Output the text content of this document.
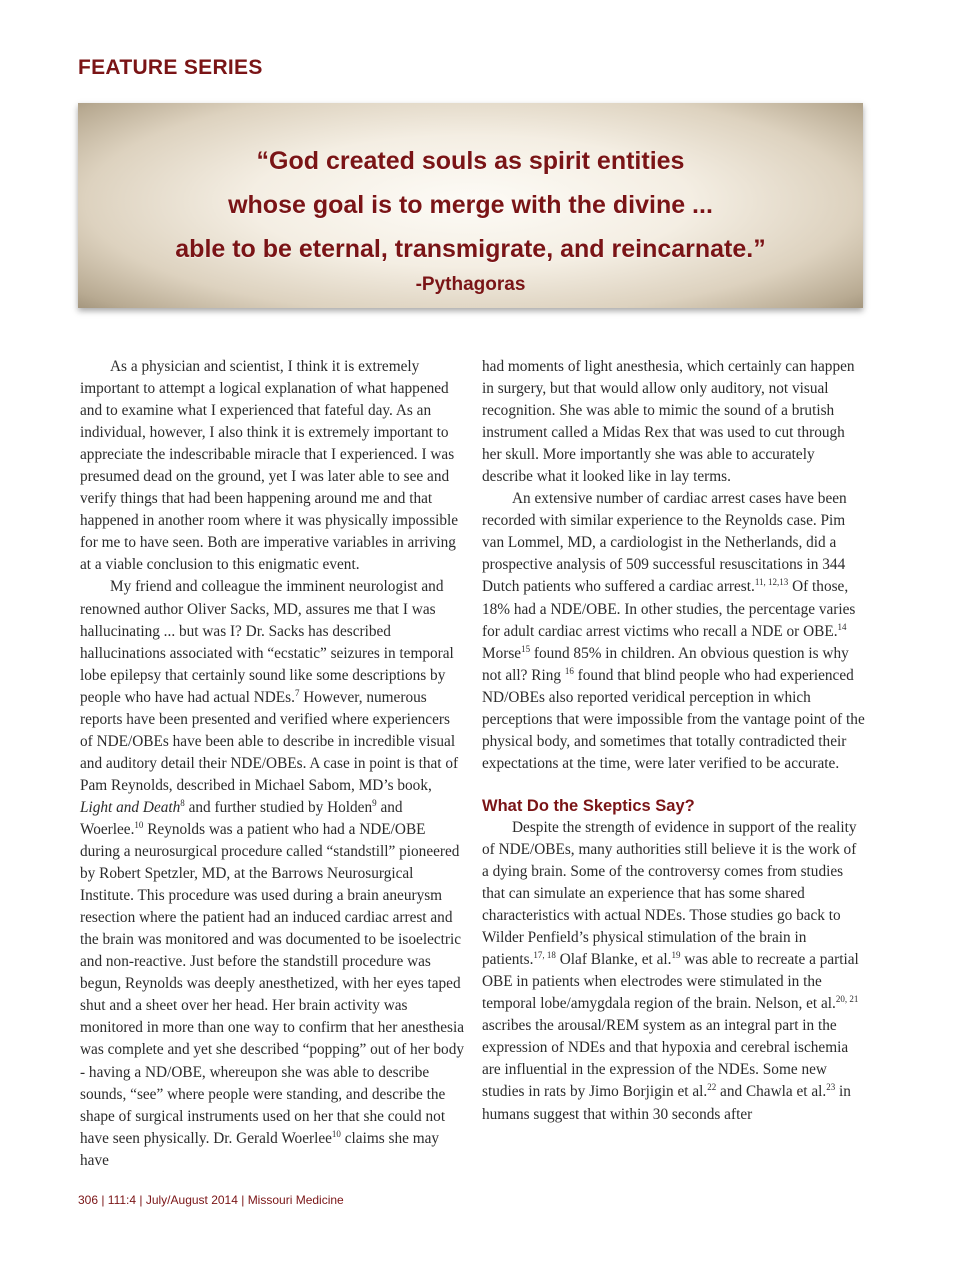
FEATURE SERIES
“God created souls as spirit entities
whose goal is to merge with the divine ...
able to be eternal, transmigrate, and reincarnate.”
-Pythagoras

As a physician and scientist, I think it is extremely important to attempt a logical explanation of what happened and to examine what I experienced that fateful day. As an individual, however, I also think it is extremely important to appreciate the indescribable miracle that I experienced. I was presumed dead on the ground, yet I was later able to see and verify things that had been happening around me and that happened in another room where it was physically impossible for me to have seen. Both are imperative variables in arriving at a viable conclusion to this enigmatic event.

My friend and colleague the imminent neurologist and renowned author Oliver Sacks, MD, assures me that I was hallucinating ... but was I? Dr. Sacks has described hallucinations associated with “ecstatic” seizures in temporal lobe epilepsy that certainly sound like some descriptions by people who have had actual NDEs.$^7$ However, numerous reports have been presented and verified where experiencers of NDE/OBEs have been able to describe in incredible visual and auditory detail their NDE/OBEs. A case in point is that of Pam Reynolds, described in Michael Sabom, MD’s book, Light and Death$^8$ and further studied by Holden$^9$ and Woerlee.$^{10}$ Reynolds was a patient who had a NDE/OBE during a neurosurgical procedure called “standstill” pioneered by Robert Spetzler, MD, at the Barrows Neurosurgical Institute. This procedure was used during a brain aneurysm resection where the patient had an induced cardiac arrest and the brain was monitored and was documented to be isoelectric and non-reactive. Just before the standstill procedure was begun, Reynolds was deeply anesthetized, with her eyes taped shut and a sheet over her head. Her brain activity was monitored in more than one way to confirm that her anesthesia was complete and yet she described “popping” out of her body - having a ND/OBE, whereupon she was able to describe sounds, “see” where people were standing, and describe the shape of surgical instruments used on her that she could not have seen physically. Dr. Gerald Woerlee$^{10}$ claims she may have

had moments of light anesthesia, which certainly can happen in surgery, but that would allow only auditory, not visual recognition. She was able to mimic the sound of a brutish instrument called a Midas Rex that was used to cut through her skull. More importantly she was able to accurately describe what it looked like in lay terms.

An extensive number of cardiac arrest cases have been recorded with similar experience to the Reynolds case. Pim van Lommel, MD, a cardiologist in the Netherlands, did a prospective analysis of 509 successful resuscitations in 344 Dutch patients who suffered a cardiac arrest.$^{11, 12,13}$ Of those, 18% had a NDE/OBE. In other studies, the percentage varies for adult cardiac arrest victims who recall a NDE or OBE.$^{14}$ Morse$^{15}$ found 85% in children. An obvious question is why not all? Ring $^{16}$ found that blind people who had experienced ND/OBEs also reported veridical perception in which perceptions that were impossible from the vantage point of the physical body, and sometimes that totally contradicted their expectations at the time, were later verified to be accurate.

What Do the Skeptics Say?

Despite the strength of evidence in support of the reality of NDE/OBEs, many authorities still believe it is the work of a dying brain. Some of the controversy comes from studies that can simulate an experience that has some shared characteristics with actual NDEs. Those studies go back to Wilder Penfield’s physical stimulation of the brain in patients.$^{17, 18}$ Olaf Blanke, et al.$^{19}$ was able to recreate a partial OBE in patients when electrodes were stimulated in the temporal lobe/amygdala region of the brain. Nelson, et al.$^{20, 21}$ ascribes the arousal/REM system as an integral part in the expression of NDEs and that hypoxia and cerebral ischemia are influential in the expression of the NDEs. Some new studies in rats by Jimo Borjigin et al.$^{22}$ and Chawla et al.$^{23}$ in humans suggest that within 30 seconds after

306 | 111:4 | July/August 2014 | Missouri Medicine
